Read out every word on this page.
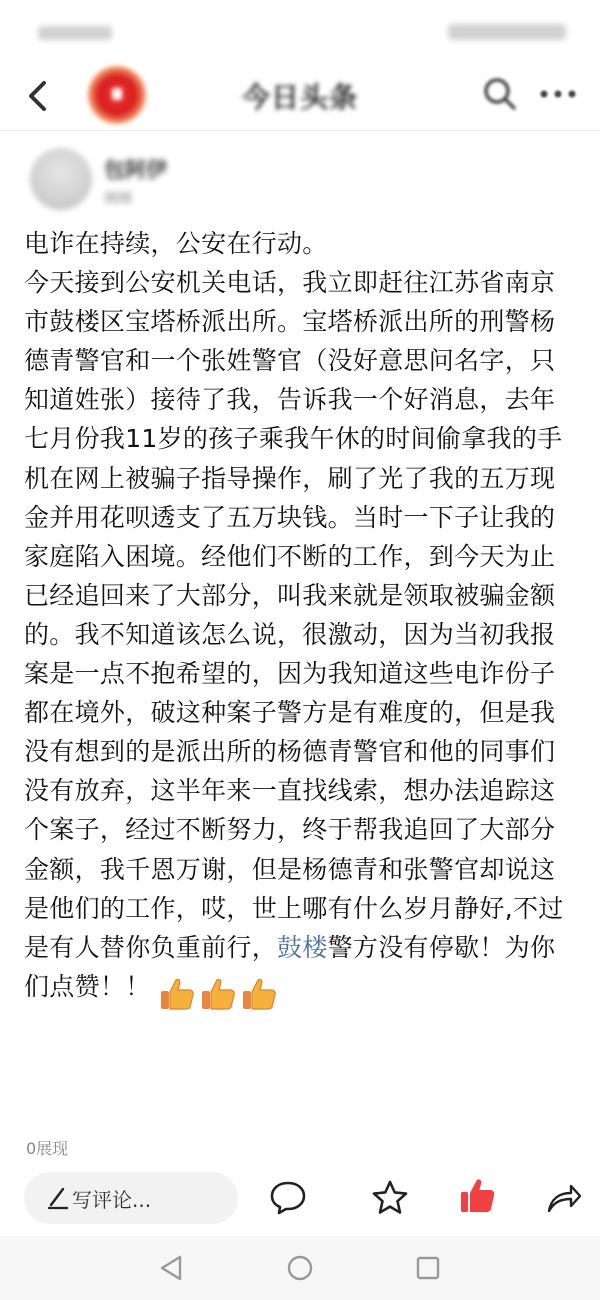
今日头条
包阿伊
刚刚
电诈在持续，公安在行动。
今天接到公安机关电话，我立即赶往江苏省南京市鼓楼区宝塔桥派出所。宝塔桥派出所的刑警杨德青警官和一个张姓警官（没好意思问名字，只知道姓张）接待了我，告诉我一个好消息，去年七月份我11岁的孩子乘我午休的时间偷拿我的手机在网上被骗子指导操作，刷了光了我的五万现金并用花呗透支了五万块钱。当时一下子让我的家庭陷入困境。经他们不断的工作，到今天为止已经追回来了大部分，叫我来就是领取被骗金额的。我不知道该怎么说，很激动，因为当初我报案是一点不抱希望的，因为我知道这些电诈份子都在境外，破这种案子警方是有难度的，但是我没有想到的是派出所的杨德青警官和他的同事们没有放弃，这半年来一直找线索，想办法追踪这个案子，经过不断努力，终于帮我追回了大部分金额，我千恩万谢，但是杨德青和张警官却说这是他们的工作，哎，世上哪有什么岁月静好,不过是有人替你负重前行，鼓楼警方没有停歇！为你们点赞！！
0展现
写评论...
